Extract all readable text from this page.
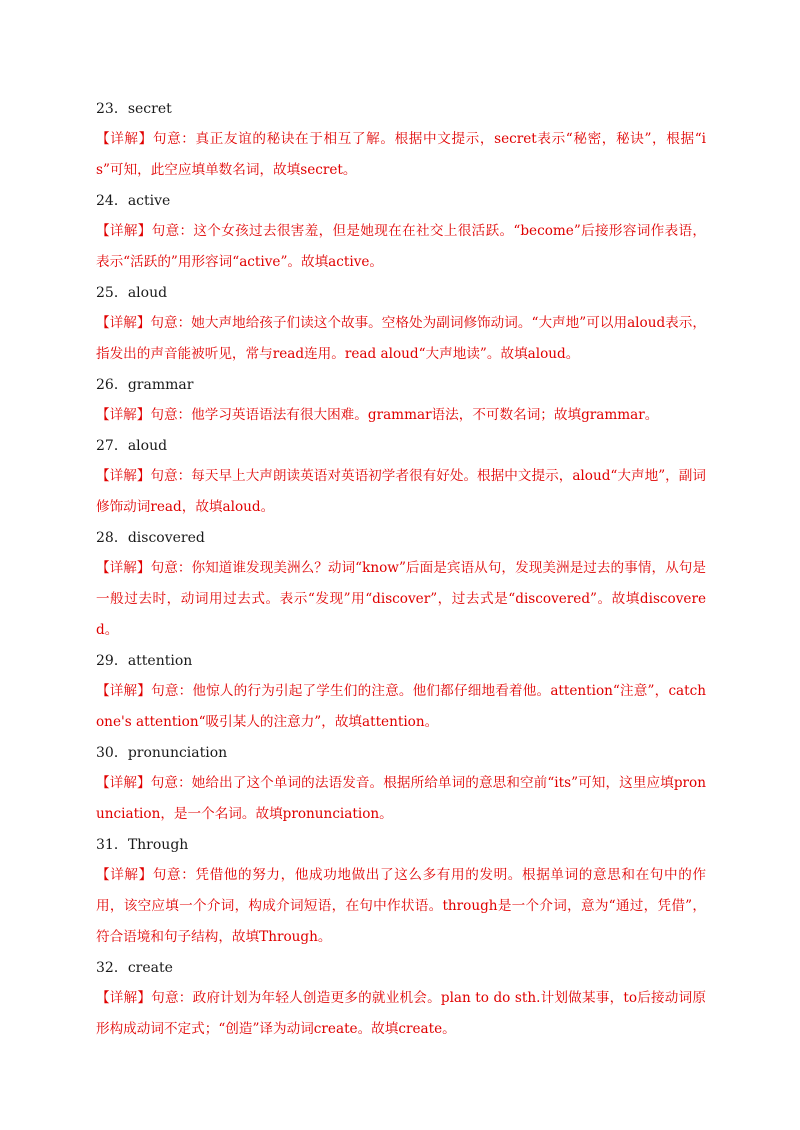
23．secret

【详解】句意：真正友谊的秘诀在于相互了解。根据中文提示，secret表示“秘密，秘诀”，根据“is”可知，此空应填单数名词，故填secret。

24．active

【详解】句意：这个女孩过去很害羞，但是她现在在社交上很活跃。“become”后接形容词作表语，表示“活跃的”用形容词“active”。故填active。

25．aloud

【详解】句意：她大声地给孩子们读这个故事。空格处为副词修饰动词。“大声地”可以用aloud表示，指发出的声音能被听见，常与read连用。read aloud“大声地读”。故填aloud。

26．grammar

【详解】句意：他学习英语语法有很大困难。grammar语法，不可数名词；故填grammar。

27．aloud

【详解】句意：每天早上大声朗读英语对英语初学者很有好处。根据中文提示，aloud“大声地”，副词修饰动词read，故填aloud。

28．discovered

【详解】句意：你知道谁发现美洲么？动词“know”后面是宾语从句，发现美洲是过去的事情，从句是一般过去时，动词用过去式。表示“发现”用“discover”，过去式是“discovered”。故填discovered。

29．attention

【详解】句意：他惊人的行为引起了学生们的注意。他们都仔细地看着他。attention“注意”，catch one's attention“吸引某人的注意力”，故填attention。

30．pronunciation

【详解】句意：她给出了这个单词的法语发音。根据所给单词的意思和空前“its”可知，这里应填pronunciation，是一个名词。故填pronunciation。

31．Through

【详解】句意：凭借他的努力，他成功地做出了这么多有用的发明。根据单词的意思和在句中的作用，该空应填一个介词，构成介词短语，在句中作状语。through是一个介词，意为“通过，凭借”，符合语境和句子结构，故填Through。

32．create

【详解】句意：政府计划为年轻人创造更多的就业机会。plan to do sth.计划做某事，to后接动词原形构成动词不定式；“创造”译为动词create。故填create。
